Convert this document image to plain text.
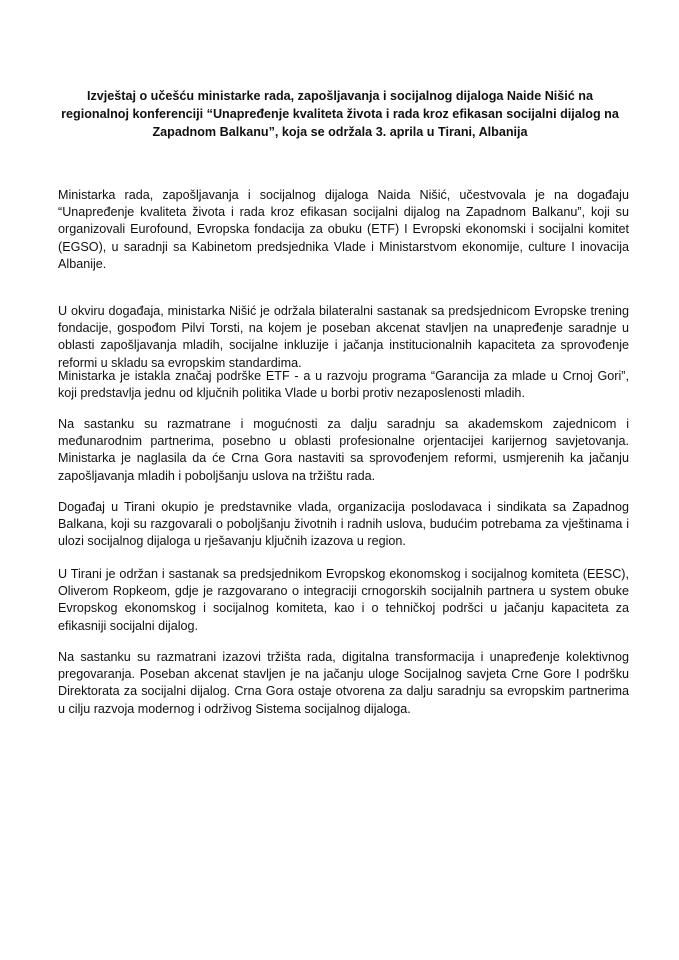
Izvještaj o učešću ministarke rada, zapošljavanja i socijalnog dijaloga Naide Nišić na regionalnoj konferenciji “Unapređenje kvaliteta života i rada kroz efikasan socijalni dijalog na Zapadnom Balkanu”, koja se održala 3. aprila u Tirani, Albanija

Ministarka rada, zapošljavanja i socijalnog dijaloga Naida Nišić, učestvovala je na događaju “Unapređenje kvaliteta života i rada kroz efikasan socijalni dijalog na Zapadnom Balkanu”, koji su organizovali Eurofound, Evropska fondacija za obuku (ETF) I Evropski ekonomski i socijalni komitet (EGSO), u saradnji sa Kabinetom predsjednika Vlade i Ministarstvom ekonomije, culture I inovacija Albanije.

U okviru događaja, ministarka Nišić je održala bilateralni sastanak sa predsjednicom Evropske trening fondacije, gospođom Pilvi Torsti, na kojem je poseban akcenat stavljen na unapređenje saradnje u oblasti zapošljavanja mladih, socijalne inkluzije i jačanja institucionalnih kapaciteta za sprovođenje reformi u skladu sa evropskim standardima.

Ministarka je istakla značaj podrške ETF - a u razvoju programa “Garancija za mlade u Crnoj Gori”, koji predstavlja jednu od ključnih politika Vlade u borbi protiv nezaposlenosti mladih.

Na sastanku su razmatrane i mogućnosti za dalju saradnju sa akademskom zajednicom i međunarodnim partnerima, posebno u oblasti profesionalne orjentacijei karijernog savjetovanja. Ministarka je naglasila da će Crna Gora nastaviti sa sprovođenjem reformi, usmjerenih ka jačanju zapošljavanja mladih i poboljšanju uslova na tržištu rada.

Događaj u Tirani okupio je predstavnike vlada, organizacija poslodavaca i sindikata sa Zapadnog Balkana, koji su razgovarali o poboljšanju životnih i radnih uslova, budućim potrebama za vještinama i ulozi socijalnog dijaloga u rješavanju ključnih izazova u region.

U Tirani je održan i sastanak sa predsjednikom Evropskog ekonomskog i socijalnog komiteta (EESC), Oliverom Ropkeom, gdje je razgovarano o integraciji crnogorskih socijalnih partnera u system obuke Evropskog ekonomskog i socijalnog komiteta, kao i o tehničkoj podršci u jačanju kapaciteta za efikasniji socijalni dijalog.

Na sastanku su razmatrani izazovi tržišta rada, digitalna transformacija i unapređenje kolektivnog pregovaranja. Poseban akcenat stavljen je na jačanju uloge Socijalnog savjeta Crne Gore I podršku Direktorata za socijalni dijalog. Crna Gora ostaje otvorena za dalju saradnju sa evropskim partnerima u cilju razvoja modernog i održivog Sistema socijalnog dijaloga.
